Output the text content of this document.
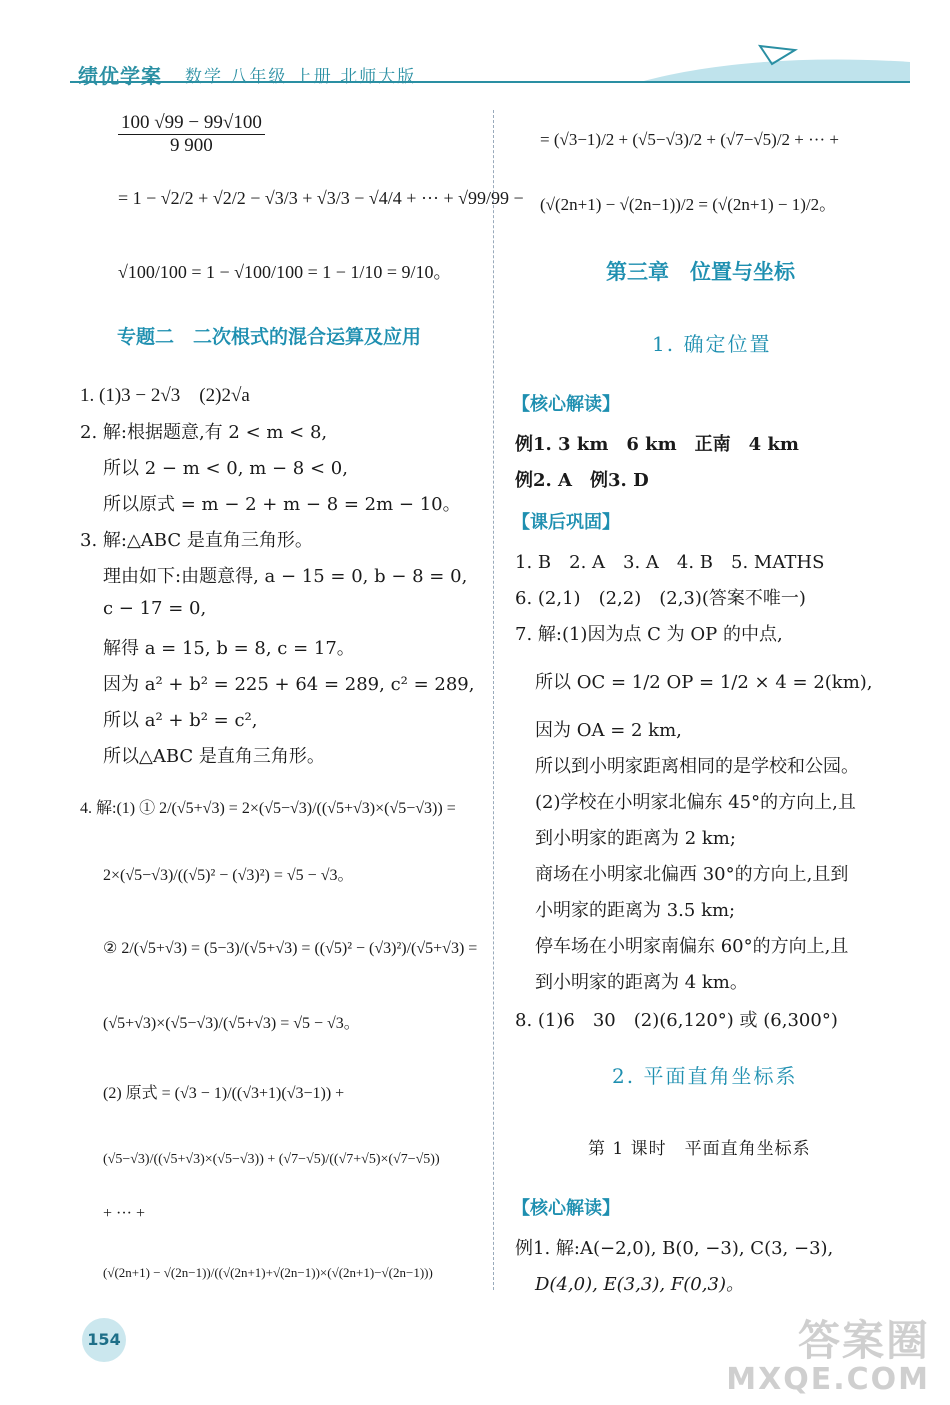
绩优学案 数学 八年级 上册 北师大版
$\frac{100 √99 - 99√100}{9 900}$
= 1 − √2/2 + √2/2 − √3/3 + √3/3 − √4/4 + ··· + √99/99 −
√100/100 = 1 − √100/100 = 1 − 1/10 = 9/10。
专题二　二次根式的混合运算及应用
1. (1)3 − 2√3　(2)2√a
2. 解:根据题意,有 2 < m < 8,
所以 2 − m < 0, m − 8 < 0,
所以原式 = m − 2 + m − 8 = 2m − 10。
3. 解:△ABC 是直角三角形。
理由如下:由题意得, a − 15 = 0, b − 8 = 0,
c − 17 = 0,
解得 a = 15, b = 8, c = 17。
因为 a² + b² = 225 + 64 = 289, c² = 289,
所以 a² + b² = c²,
所以△ABC 是直角三角形。
4. 解:(1) ① 2/(√5+√3) = 2×(√5−√3)/((√5+√3)×(√5−√3)) =
2×(√5−√3)/((√5)² − (√3)²) = √5 − √3。
② 2/(√5+√3) = (5−3)/(√5+√3) = ((√5)² − (√3)²)/(√5+√3) =
(√5+√3)×(√5−√3)/(√5+√3) = √5 − √3。
(2) 原式 = (√3 − 1)/((√3+1)(√3−1)) +
(√5−√3)/((√5+√3)×(√5−√3)) + (√7−√5)/((√7+√5)×(√7−√5))
+ ··· +
(√(2n+1) − √(2n−1))/((√(2n+1)+√(2n−1))×(√(2n+1)−√(2n−1)))
= (√3−1)/2 + (√5−√3)/2 + (√7−√5)/2 + ··· +
(√(2n+1) − √(2n−1))/2 = (√(2n+1) − 1)/2。
第三章　位置与坐标
1. 确定位置
【核心解读】
例1. 3 km　6 km　正南　4 km
例2. A　例3. D
【课后巩固】
1. B　2. A　3. A　4. B　5. MATHS
6. (2,1)　(2,2)　(2,3)(答案不唯一)
7. 解:(1)因为点 C 为 OP 的中点,
所以 OC = 1/2 OP = 1/2 × 4 = 2(km),
因为 OA = 2 km,
所以到小明家距离相同的是学校和公园。
(2)学校在小明家北偏东 45°的方向上,且
到小明家的距离为 2 km;
商场在小明家北偏西 30°的方向上,且到
小明家的距离为 3.5 km;
停车场在小明家南偏东 60°的方向上,且
到小明家的距离为 4 km。
8. (1)6　30　(2)(6,120°) 或 (6,300°)
2. 平面直角坐标系
第 1 课时　平面直角坐标系
【核心解读】
例1. 解:A(−2,0), B(0, −3), C(3, −3),
D(4,0), E(3,3), F(0,3)。
154	答案圈
MXQE.COM
